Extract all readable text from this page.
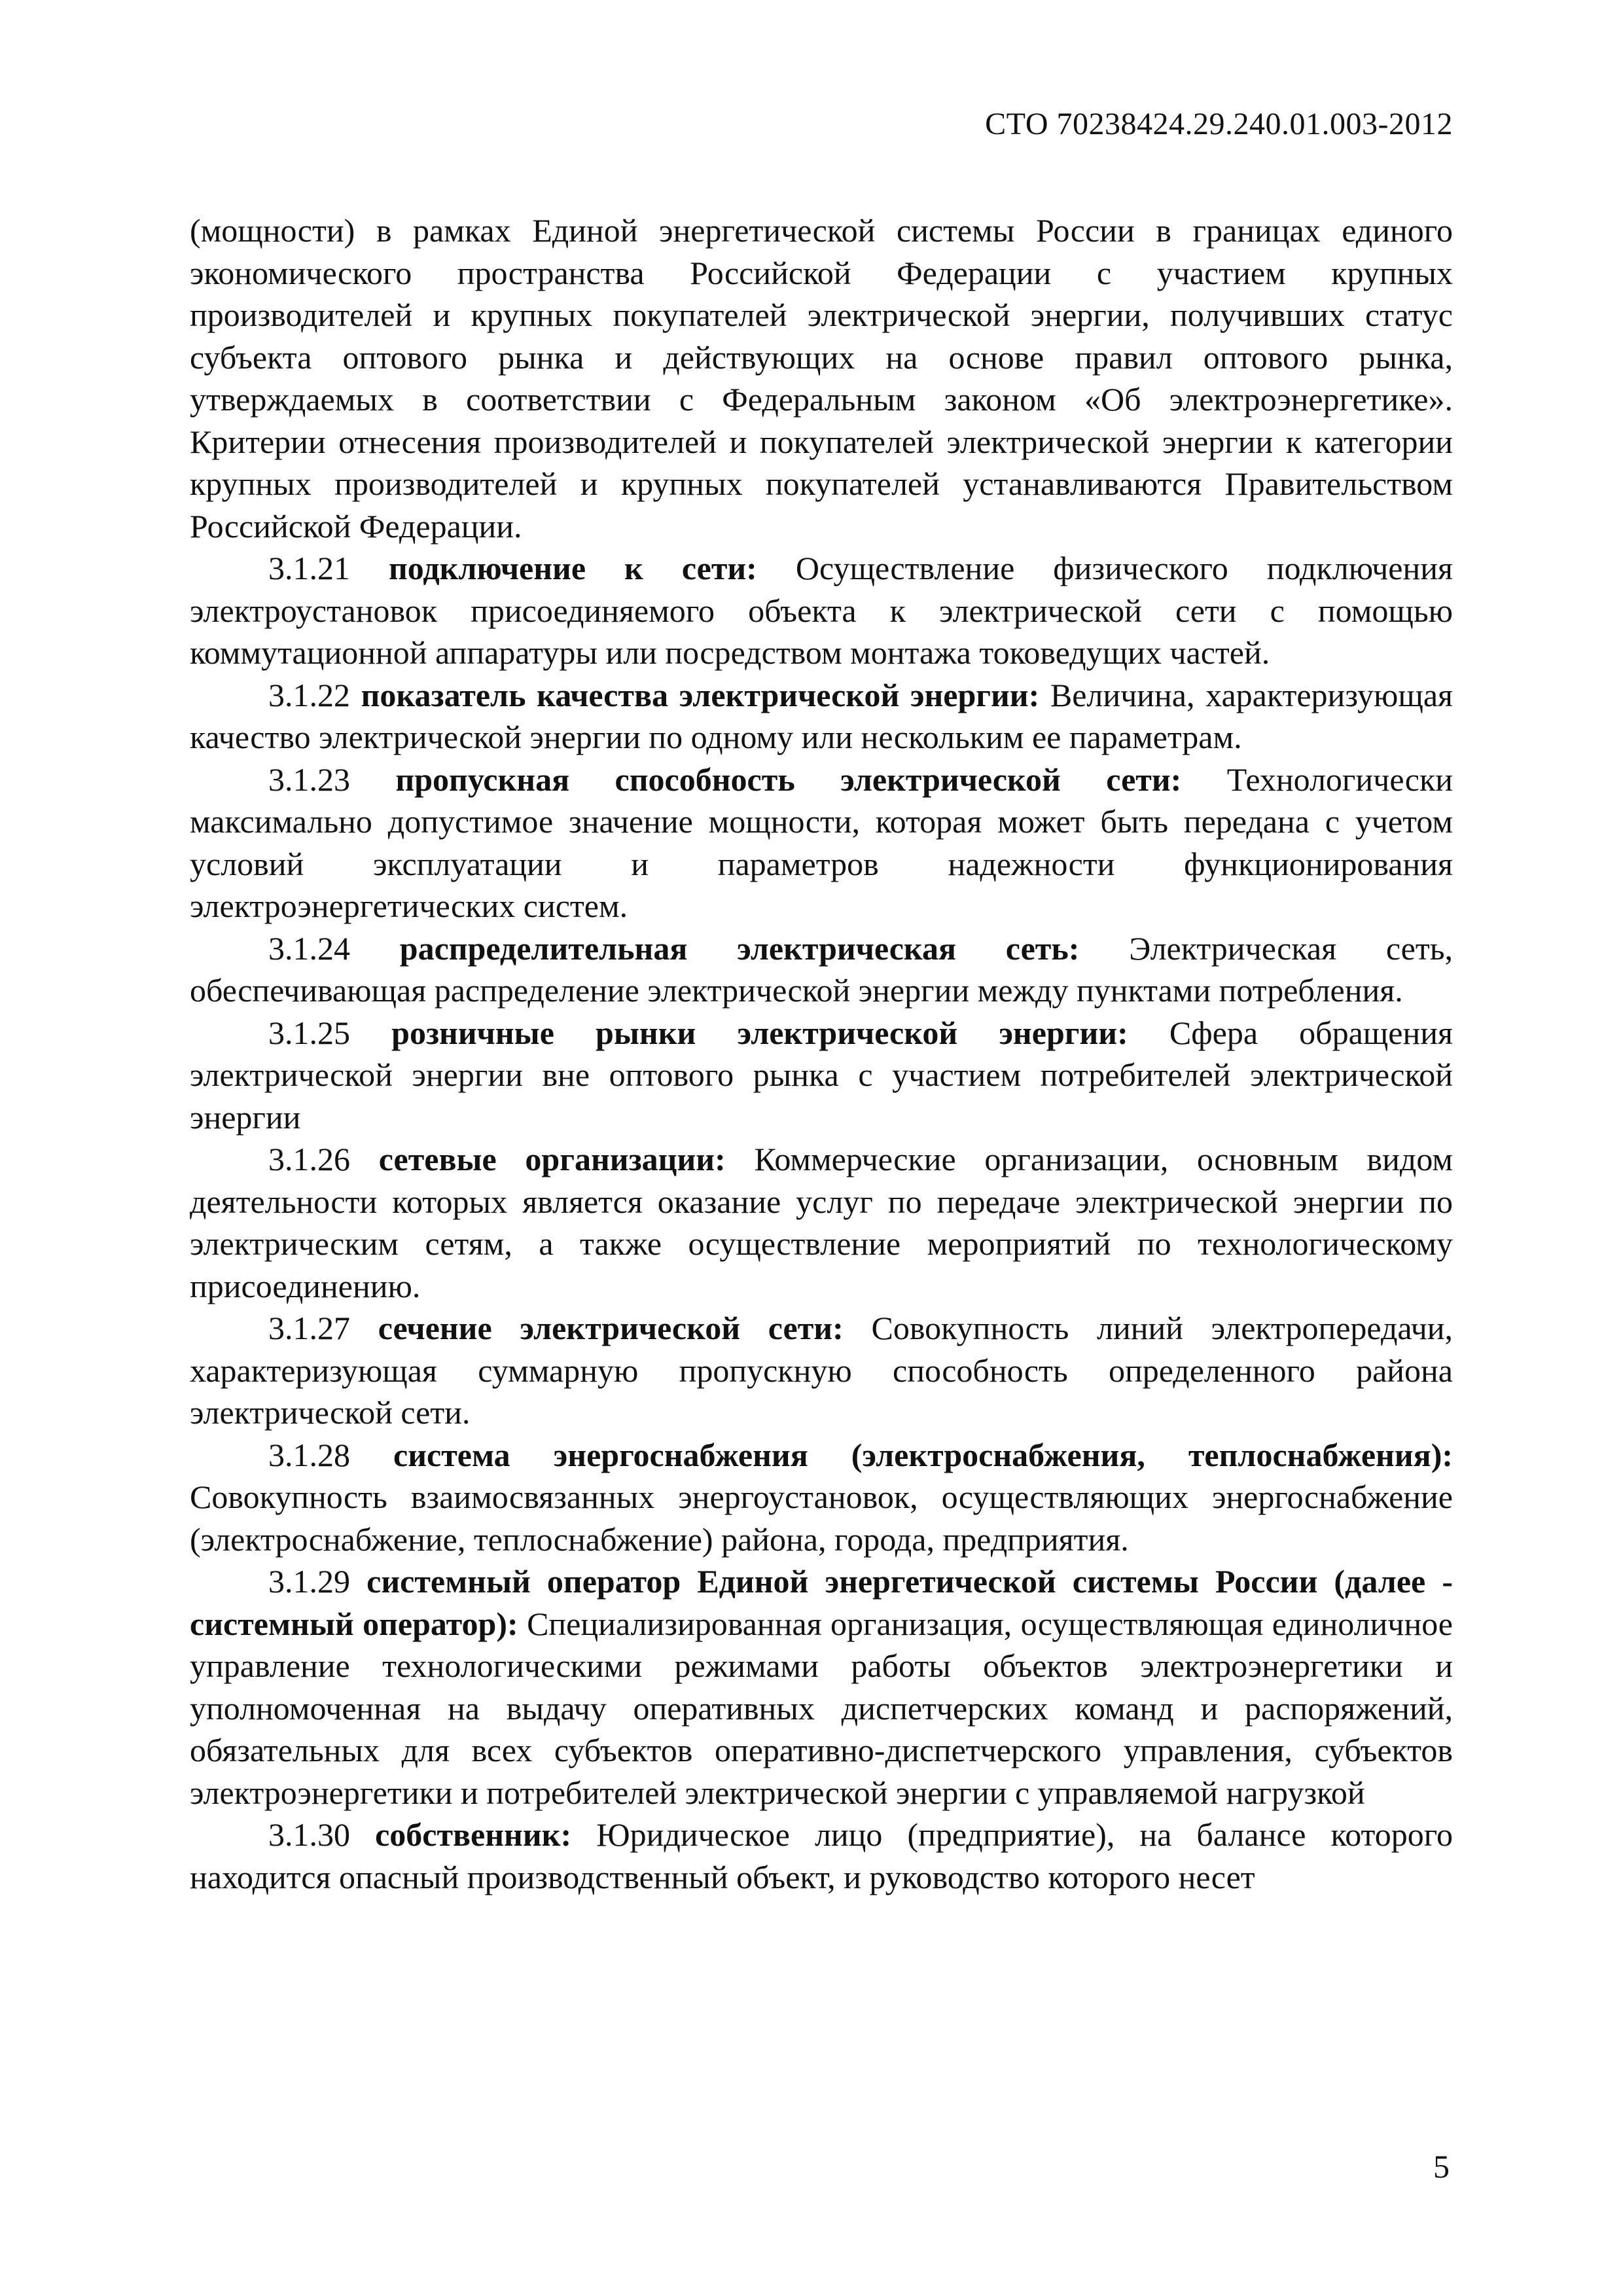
СТО 70238424.29.240.01.003-2012

(мощности) в рамках Единой энергетической системы России в границах единого экономического пространства Российской Федерации с участием крупных производителей и крупных покупателей электрической энергии, получивших статус субъекта оптового рынка и действующих на основе правил оптового рынка, утверждаемых в соответствии с Федеральным законом «Об электроэнергетике». Критерии отнесения производителей и покупателей электрической энергии к категории крупных производителей и крупных покупателей устанавливаются Правительством Российской Федерации.

3.1.21 подключение к сети: Осуществление физического подключения электроустановок присоединяемого объекта к электрической сети с помощью коммутационной аппаратуры или посредством монтажа токоведущих частей.

3.1.22 показатель качества электрической энергии: Величина, характеризующая качество электрической энергии по одному или нескольким ее параметрам.

3.1.23 пропускная способность электрической сети: Технологически максимально допустимое значение мощности, которая может быть передана с учетом условий эксплуатации и параметров надежности функционирования электроэнергетических систем.

3.1.24 распределительная электрическая сеть: Электрическая сеть, обеспечивающая распределение электрической энергии между пунктами потребления.

3.1.25 розничные рынки электрической энергии: Сфера обращения электрической энергии вне оптового рынка с участием потребителей электрической энергии

3.1.26 сетевые организации: Коммерческие организации, основным видом деятельности которых является оказание услуг по передаче электрической энергии по электрическим сетям, а также осуществление мероприятий по технологическому присоединению.

3.1.27 сечение электрической сети: Совокупность линий электропередачи, характеризующая суммарную пропускную способность определенного района электрической сети.

3.1.28 система энергоснабжения (электроснабжения, теплоснабжения): Совокупность взаимосвязанных энергоустановок, осуществляющих энергоснабжение (электроснабжение, теплоснабжение) района, города, предприятия.

3.1.29 системный оператор Единой энергетической системы России (далее - системный оператор): Специализированная организация, осуществляющая единоличное управление технологическими режимами работы объектов электроэнергетики и уполномоченная на выдачу оперативных диспетчерских команд и распоряжений, обязательных для всех субъектов оперативно-диспетчерского управления, субъектов электроэнергетики и потребителей электрической энергии с управляемой нагрузкой

3.1.30 собственник: Юридическое лицо (предприятие), на балансе которого находится опасный производственный объект, и руководство которого несет

5
